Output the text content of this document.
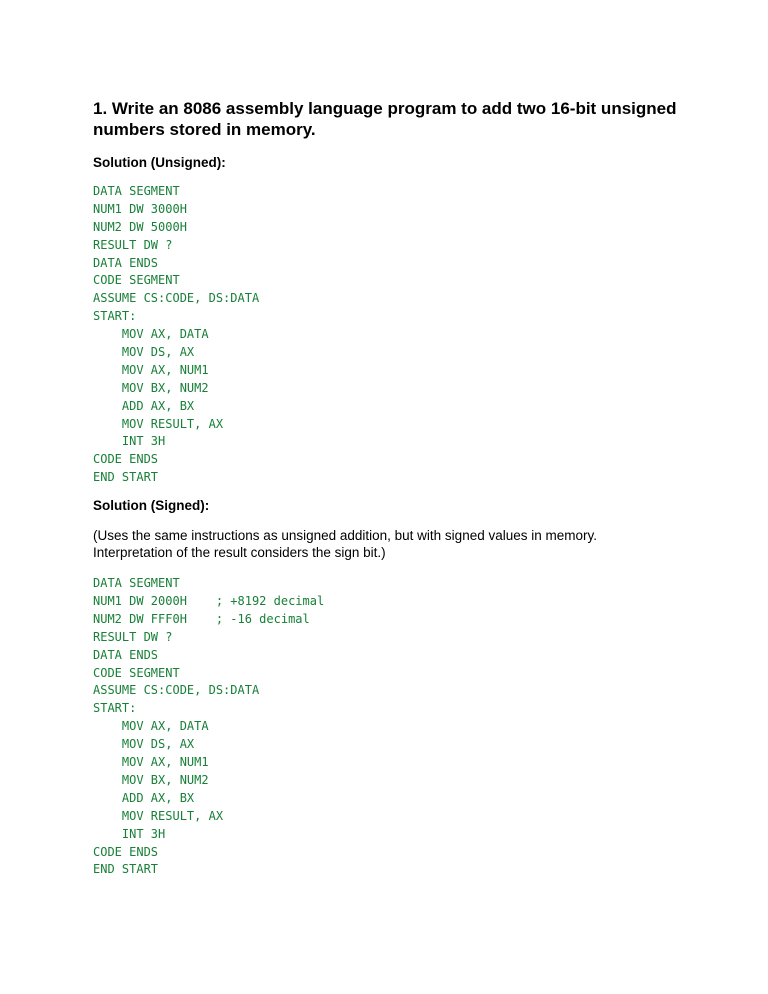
1. Write an 8086 assembly language program to add two 16-bit unsigned numbers stored in memory.
Solution (Unsigned):
DATA SEGMENT
NUM1 DW 3000H
NUM2 DW 5000H
RESULT DW ?
DATA ENDS
CODE SEGMENT
ASSUME CS:CODE, DS:DATA
START:
MOV AX, DATA
MOV DS, AX
MOV AX, NUM1
MOV BX, NUM2
ADD AX, BX
MOV RESULT, AX
INT 3H
CODE ENDS
END START
Solution (Signed):

(Uses the same instructions as unsigned addition, but with signed values in memory. Interpretation of the result considers the sign bit.)

DATA SEGMENT
NUM1 DW 2000H    ; +8192 decimal
NUM2 DW FFF0H    ; -16 decimal
RESULT DW ?
DATA ENDS
CODE SEGMENT
ASSUME CS:CODE, DS:DATA
START:
MOV AX, DATA
MOV DS, AX
MOV AX, NUM1
MOV BX, NUM2
ADD AX, BX
MOV RESULT, AX
INT 3H
CODE ENDS
END START
